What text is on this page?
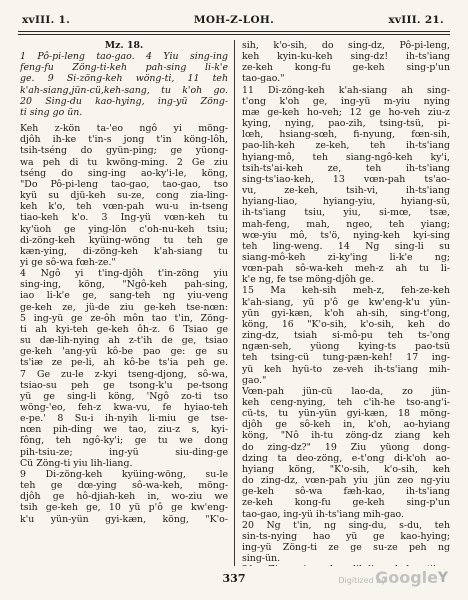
xvIII. 1.	MOH-Z-LOH.	xvIII. 21.
Mz. 18.
1 Pô-pi-leng tao-gao. 4 Yiu sing-ing
feng-fu Zöng-ti-keh pah-sing li-k'e
ge. 9 Si-zöng-keh wöng-ti, 11 teh
k'ah-siang,jün-cü,keh-sang, tu k'oh go.
20 Sing-du kao-hying, ing-yü Zöng-
ti sing go ün.
Keh z-kön ta-'eo ngô yi möng-
djôh ih-ke t'in-s jong t'in köng-lôh,
tsih-tséng do gyün-ping; ge yüong-
wa peh di tu kwöng-ming. 2 Ge ziu
tséng do sing-ing ao-ky'i-le, köng,
"Do Pô-pi-leng tao-gao, tao-gao, tso
kyü su djü-keh su-ze, cong zia-ling-
keh k'o, teh vœn-pah wu-u in-tseng
tiao-keh k'o. 3 Ing-yü vœn-keh tu
ky'üoh ge ying-lön c'oh-nu-keh tsiu;
di-zöng-keh kyüing-wöng tu teh ge
kæn-ying, di-zöng-keh k'ah-siang tu
yi ge sô-wa fœh-ze."
4 Ngô yi t'ing-djôh t'in-zöng yiu
sing-ing, köng, "Ngô-keh pah-sing,
iao li-k'e ge, sang-teh ng yiu-veng
ge-keh ze, jü-de ziu ge-keh tse-nœn:
5 ing-yü ge ze-ôh môn tao t'in, Zöng-
ti ah kyi-teh ge-keh ôh-z. 6 Tsiao ge
su dæ-lih-nying ah z-t'ih de ge, tsiao
ge-keh 'ang-yü kô-be pao ge: ge su
ts'iæ ze pe-li, ah kô-be ts'ia peh ge.
7 Ge zu-le z-kyi tseng-djong, sô-wa,
tsiao-su peh ge tsong-k'u pe-tsong
yü ge sing-li köng, 'Ngô zo-ti tso
wöng-'eo, feh-z kwa-vu, fe hyiao-teh
e-pe.' 8 Su-i ih-nyih li-miu ge tse-
nœn pih-ding we tao, ziu-z s, kyi-
fông, teh ngô-ky'i; ge tu we dong
pih-tsiu-ze; ing-yü siu-ding-ge
Cü Zöng-ti yiu lih-liang.
9 Di-zöng-keh kyüing-wöng, su-le
teh ge dœ-ying sô-wa-keh, möng-
djôh ge hô-djiah-keh in, wo-ziu we
tsih ge-keh ge, 10 yü p'ô ge kw'eng-
k'u yün-yün gyi-kæn, köng, "K'o-
sih, k'o-sih, do sing-dz, Pô-pi-leng,
keh kyin-ku-keh sing-dz! ih-ts'iang
ze-keh kong-fu ge-keh sing-p'un
tao-gao."
11 Di-zöng-keh k'ah-siang ah sing-
t'ong k'oh ge, ing-yü m-yiu nying
mæ ge-keh ho-veh; 12 ge ho-veh ziu-z
kying, nying, pao-zih, tsing-tsü, pi-
lœh, hsiang-sœh, fi-nyung, fœn-sih,
pao-lih-keh ze-keh, teh ih-ts'iang
hyiang-mô, teh siang-ngô-keh ky'i,
tsih-ts'ai-keh ze, teh ih-ts'iang
sing-ts'iao-keh, 13 vœn-pah ts'ao-
vu, ze-keh, tsih-vi, ih-ts'iang
hyiang-liao, hyiang-yiu, hyiang-sü,
ih-ts'iang tsiu, yiu, si-mœ, tsæ,
mah-feng, mah, ngeo, teh yiang;
wœ-yiu mô, ts'ö, nying-keh kyi-sing
teh ling-weng. 14 Ng sing-li su
siang-mô-keh zi-ky'ing li-k'e ng;
vœn-pah sô-wa-keh meh-z ah tu li-
k'e ng, fe tse möng-djôh ge.
15 Ma keh-sih meh-z, feh-ze-keh
k'ah-siang, yü p'ô ge kw'eng-k'u yün-
yün gyi-kæn, k'oh ah-sih, sing-t'ong,
köng, 16 "K'o-sih, k'o-sih, keh do
zing-dz, tsiah si-mô-pu teh ts-'ong
ngæn-seh, yüong kying-ts pao-tsü
teh tsing-cü tung-pæn-keh! 17 ing-
yü keh hyü-to ze-veh ih-ts'iang mih-
gao."
Vœn-pah jün-cü lao-da, zo jün-
keh ceng-nying, teh c'ih-he tso-ang'i-
cü-ts, tu yün-yün gyi-kæn, 18 möng-
djôh ge sô-keh in, k'oh, ao-hyiang
köng, "Nô ih-tu zöng-dz ziang keh
do zing-dz?" 19 Ziu yüong dong-
dzing ta deo-zöng, e-t'ong di-k'oh ao-
hyiang köng, "K'o-sih, k'o-sih, keh
do zing-dz, vœn-pah yiu jün zeo ng-yiu
ge-keh sô-wa fæh-kao, ih-ts'iang
ze-keh kong-fu ge-keh sing-p'un
tao-gao, ing-yü ih-ts'iang mih-gao.
20 Ng t'in, ng sing-du, s-du, teh
sin-ts-nying hao yü ge kao-hying;
ing-yü Zöng-ti ze ge su-ze peh ng
sing-ün.
337	Digitized by
Google Y
